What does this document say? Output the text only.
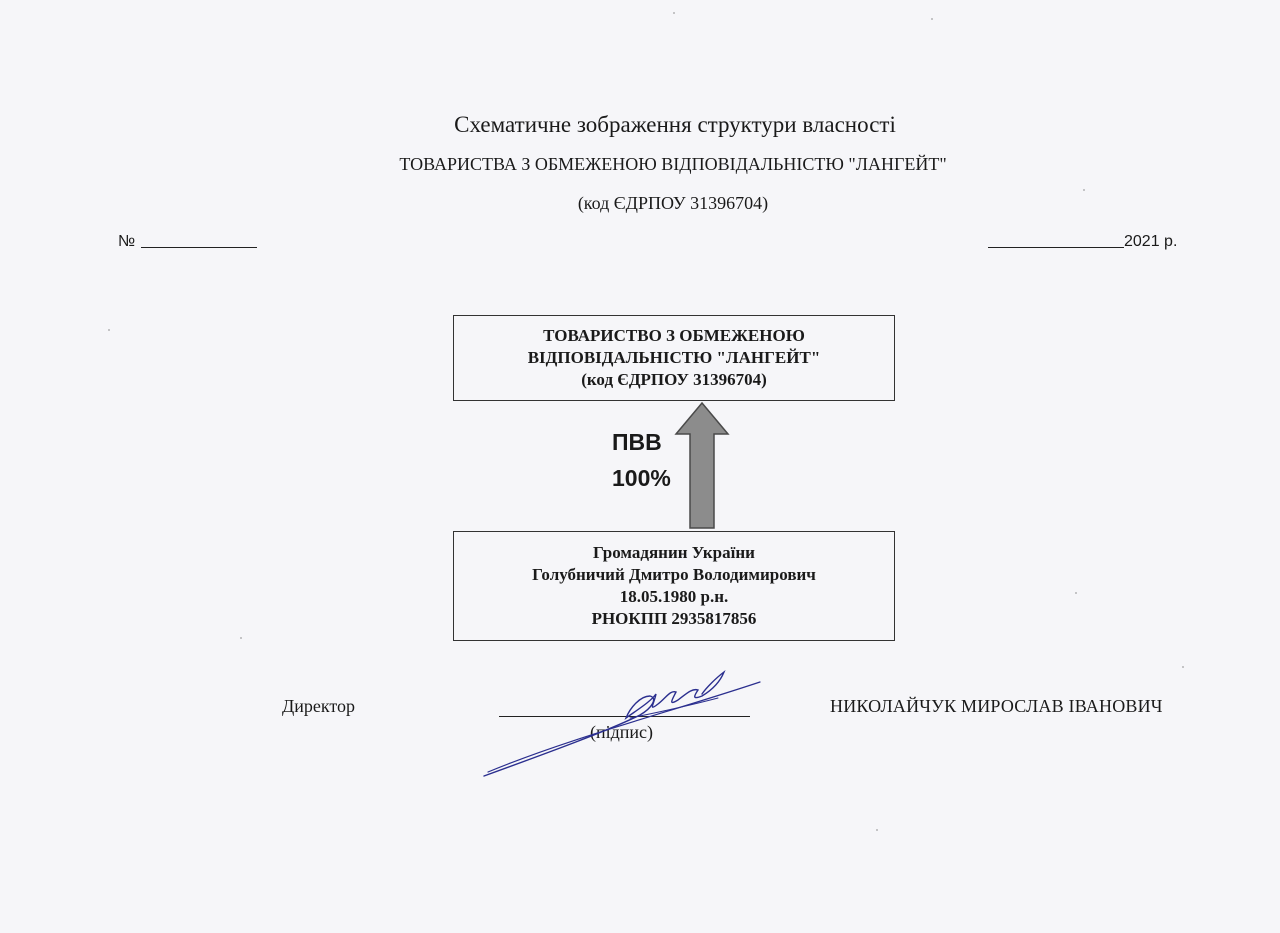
Схематичне зображення структури власності
ТОВАРИСТВА З ОБМЕЖЕНОЮ ВІДПОВІДАЛЬНІСТЮ "ЛАНГЕЙТ"
(код ЄДРПОУ 31396704)
№	2021 р.
ТОВАРИСТВО З ОБМЕЖЕНОЮ
ВІДПОВІДАЛЬНІСТЮ "ЛАНГЕЙТ"
(код ЄДРПОУ 31396704)
ПВВ
100%
Громадянин України
Голубничий Дмитро Володимирович
18.05.1980 р.н.
РНОКПП 2935817856
Директор
(підпис)
НИКОЛАЙЧУК МИРОСЛАВ ІВАНОВИЧ
